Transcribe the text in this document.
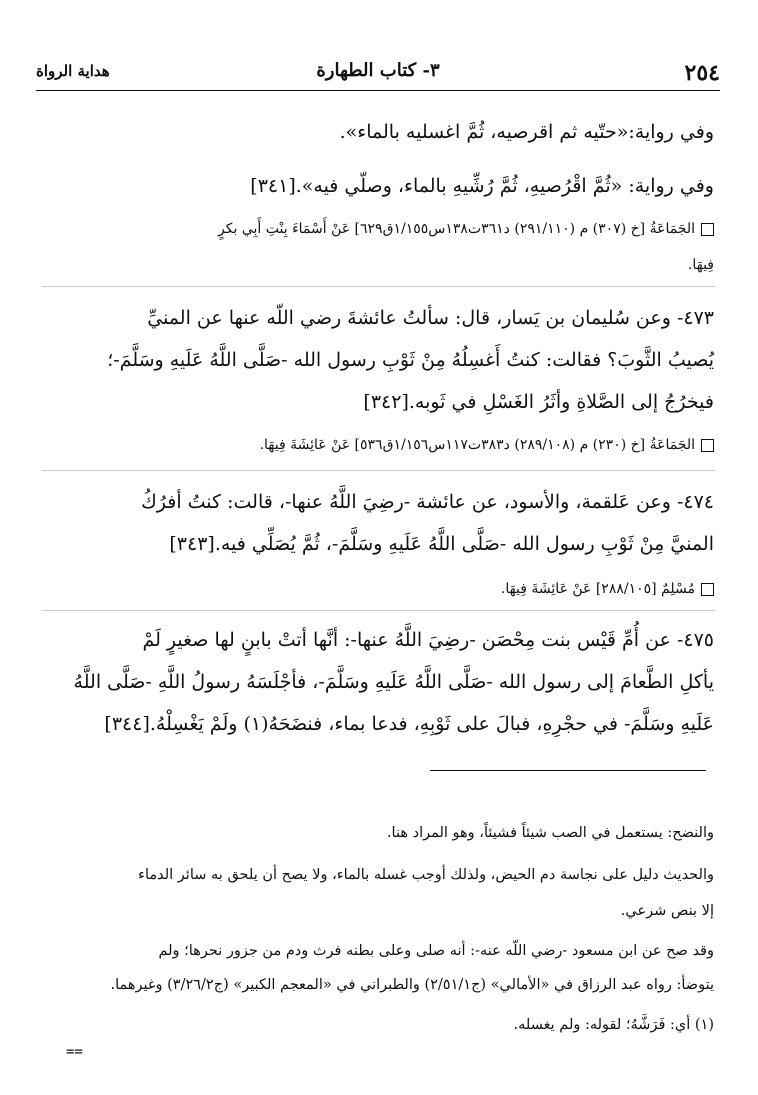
٢٥٤
٣- كتاب الطهارة
هداية الرواة
وفي رواية:«حتّيه ثم اقرصيه، ثُمَّ اغسليه بالماء».
وفي رواية: «ثُمَّ اقْرُصيهِ، ثُمَّ رُشِّيهِ بالماء، وصلّي فيه».[٣٤١]
الجَمَاعَةُ [خ (٣٠٧) م (٢٩١/١١٠) د٣٦١ت١٣٨س١/١٥٥ق٦٢٩] عَنْ أَسْمَاءَ بِنْتِ أَبِي بكرٍ
فِيهَا.
٤٧٣- وعن سُليمان بن يَسار، قال: سألتُ عائشةَ رضي اللّه عنها عن المنيِّ
يُصيبُ الثَّوبَ؟ فقالت: كنتُ أَغسِلُهُ مِنْ ثَوْبِ رسول الله -صَلَّى اللَّهُ عَلَيهِ وسَلَّمَ-؛
فيخرُجُ إلى الصَّلاةِ وأثَرُ الغَسْلِ في ثَوبه.[٣٤٢]
الجَمَاعَةُ [خ (٢٣٠) م (٢٨٩/١٠٨) د٣٨٣ت١١٧س١/١٥٦ق٥٣٦] عَنْ عَائِشَةَ فِيهَا.
٤٧٤- وعن عَلقمة، والأسود، عن عائشة -رضِيَ اللَّهُ عنها-، قالت: كنتُ أفرُكُ
المنيَّ مِنْ ثَوْبِ رسول الله -صَلَّى اللَّهُ عَلَيهِ وسَلَّمَ-، ثُمَّ يُصَلِّي فيه.[٣٤٣]
مُسْلِمٌ [٢٨٨/١٠٥] عَنْ عَائِشَةَ فِيهَا.
٤٧٥- عن أُمِّ قَيْس بنت مِحْصَن -رضِيَ اللَّهُ عنها-: أنَّها أتتْ بابنٍ لها صغيرٍ لَمْ
يأكلِ الطَّعامَ إلى رسول الله -صَلَّى اللَّهُ عَلَيهِ وسَلَّمَ-، فأجْلَسَهُ رسولُ اللَّهِ -صَلَّى اللَّهُ
عَلَيهِ وسَلَّمَ- في حجْرِهِ، فبالَ على ثَوْبِهِ، فدعا بماء، فنضَحَهُ(١) ولَمْ يَغْسِلْهُ.[٣٤٤]
والنضح: يستعمل في الصب شيئاً فشيئاً، وهو المراد هنا.
والحديث دليل على نجاسة دم الحيض، ولذلك أوجب غسله بالماء، ولا يصح أن يلحق به سائر الدماء
إلا بنص شرعي.
وقد صح عن ابن مسعود -رضي اللّه عنه-: أنه صلى وعلى بطنه فرث ودم من جزور نحرها؛ ولم
يتوضأ: رواه عبد الرزاق في «الأمالي» (ج٢/٥١/١) والطبراني في «المعجم الكبير» (ج٣/٢٦/٢) وغيرهما.
(١) أي: فَرَشَّهُ؛ لقوله: ولم يغسله.
==
